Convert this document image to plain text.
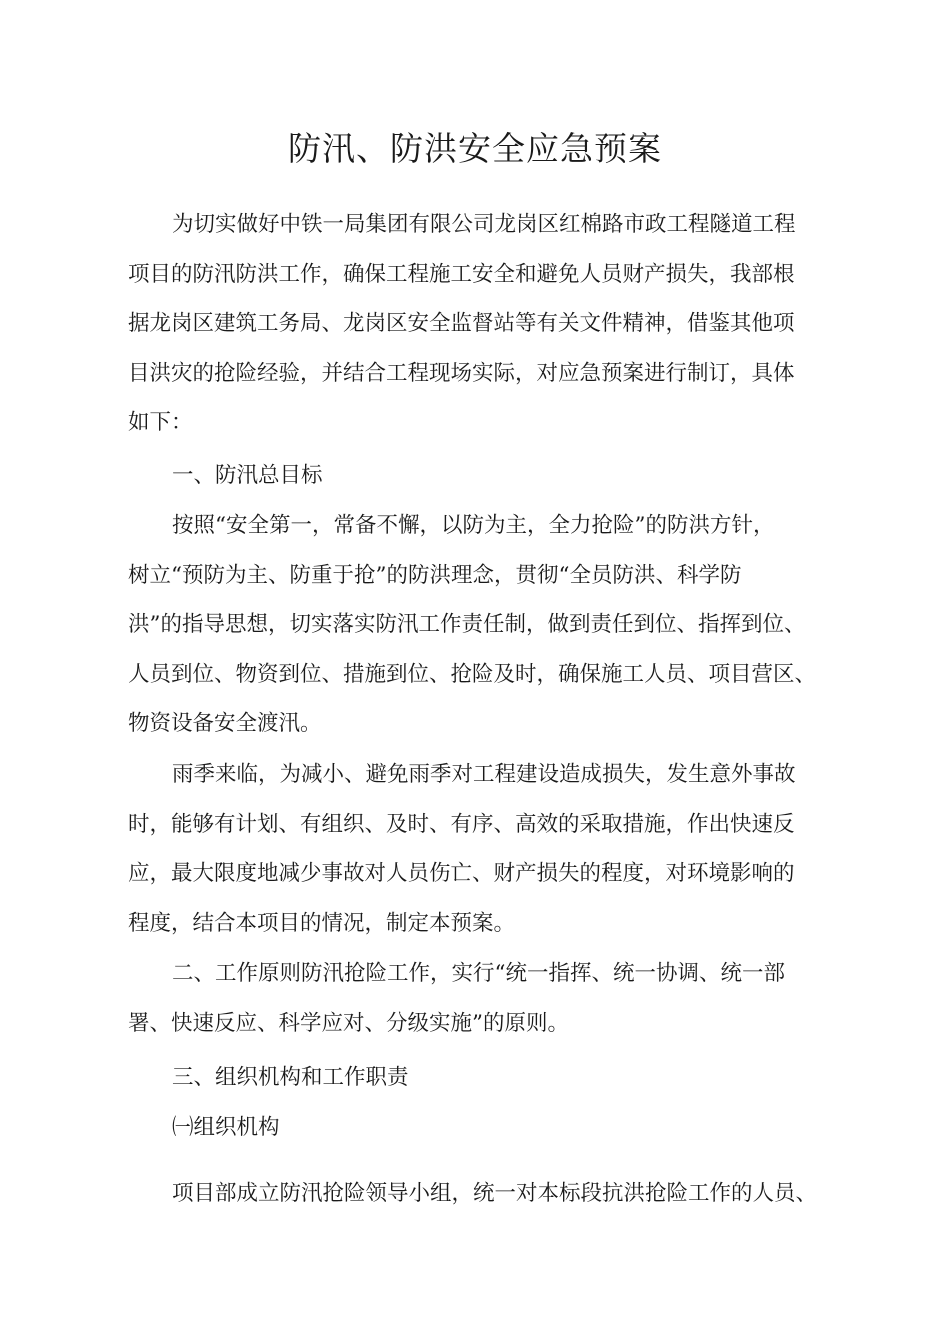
防汛、防洪安全应急预案
为切实做好中铁一局集团有限公司龙岗区红棉路市政工程隧道工程
项目的防汛防洪工作，确保工程施工安全和避免人员财产损失，我部根
据龙岗区建筑工务局、龙岗区安全监督站等有关文件精神，借鉴其他项
目洪灾的抢险经验，并结合工程现场实际，对应急预案进行制订，具体
如下：
一、防汛总目标
按照“安全第一，常备不懈，以防为主，全力抢险”的防洪方针，
树立“预防为主、防重于抢”的防洪理念，贯彻“全员防洪、科学防
洪”的指导思想，切实落实防汛工作责任制，做到责任到位、指挥到位、
人员到位、物资到位、措施到位、抢险及时，确保施工人员、项目营区、
物资设备安全渡汛。
雨季来临，为减小、避免雨季对工程建设造成损失，发生意外事故
时，能够有计划、有组织、及时、有序、高效的采取措施，作出快速反
应，最大限度地减少事故对人员伤亡、财产损失的程度，对环境影响的
程度，结合本项目的情况，制定本预案。
二、工作原则防汛抢险工作，实行“统一指挥、统一协调、统一部
署、快速反应、科学应对、分级实施”的原则。
三、组织机构和工作职责
㈠组织机构
项目部成立防汛抢险领导小组，统一对本标段抗洪抢险工作的人员、
